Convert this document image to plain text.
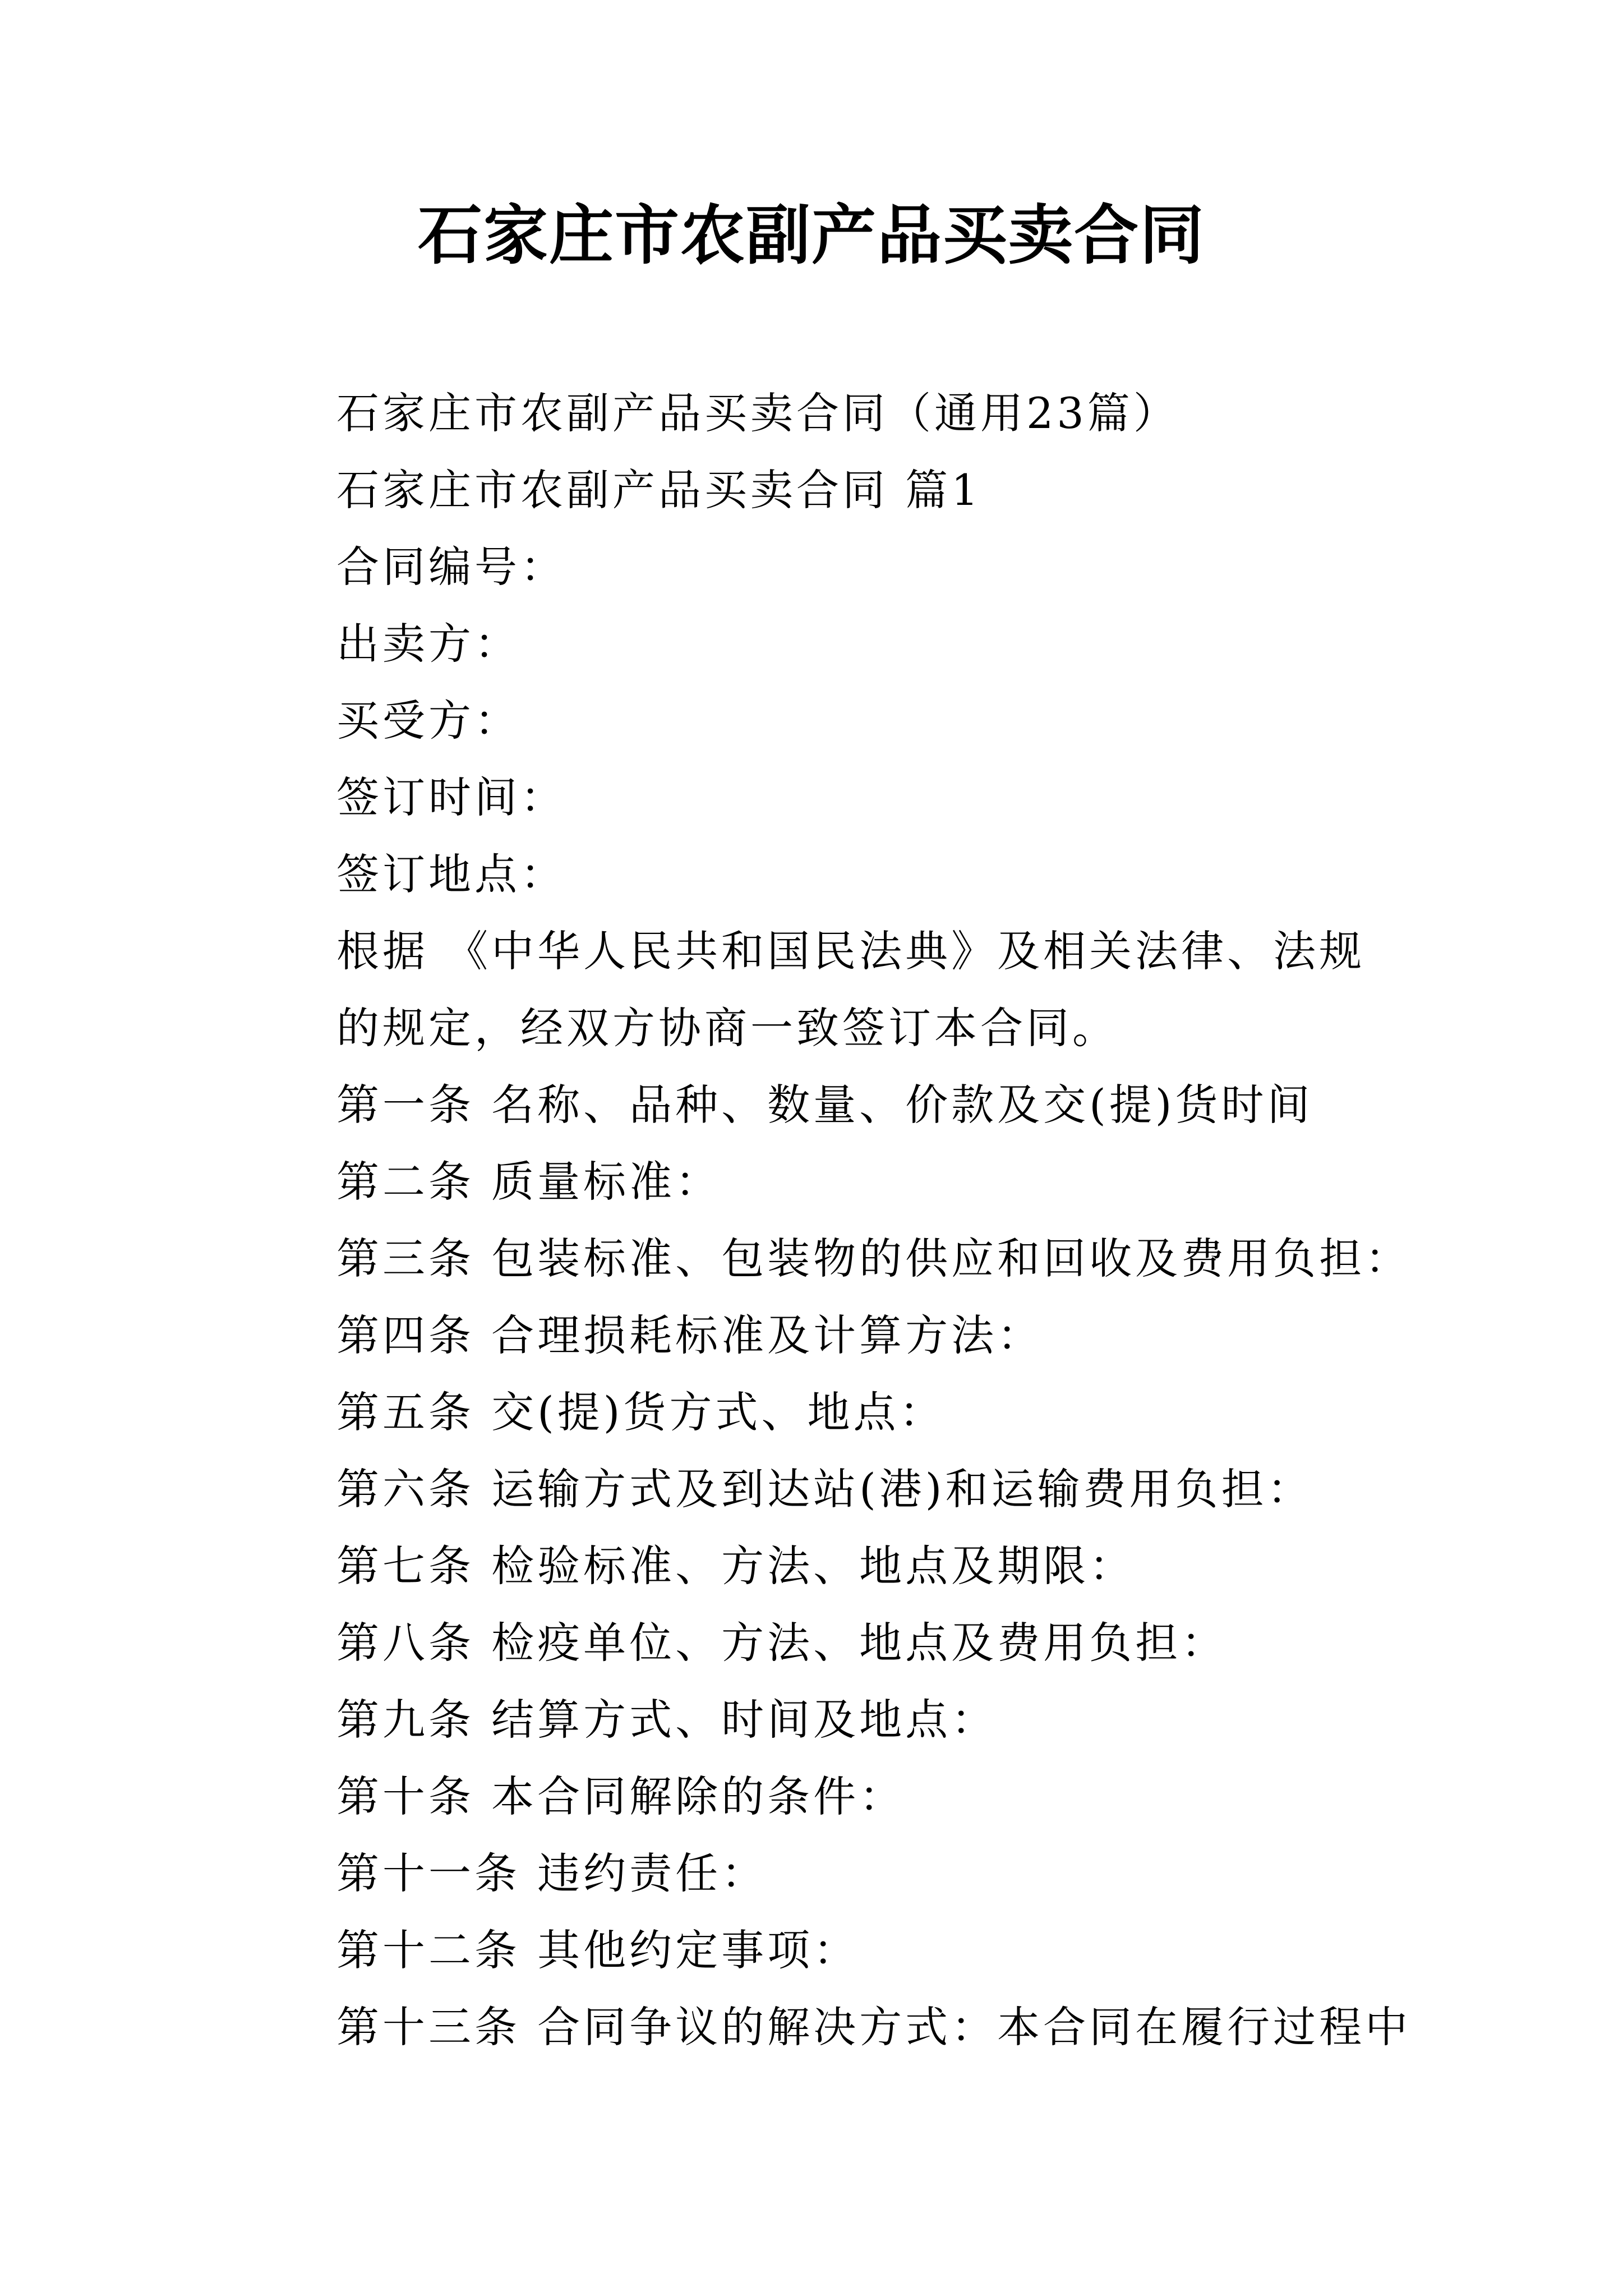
石家庄市农副产品买卖合同
石家庄市农副产品买卖合同（通用23篇）
石家庄市农副产品买卖合同 篇1
合同编号：
出卖方：
买受方：
签订时间：
签订地点：
根据 《中华人民共和国民法典》及相关法律、法规
的规定，经双方协商一致签订本合同。
第一条 名称、品种、数量、价款及交(提)货时间
第二条 质量标准：
第三条 包装标准、包装物的供应和回收及费用负担：
第四条 合理损耗标准及计算方法：
第五条 交(提)货方式、地点：
第六条 运输方式及到达站(港)和运输费用负担：
第七条 检验标准、方法、地点及期限：
第八条 检疫单位、方法、地点及费用负担：
第九条 结算方式、时间及地点：
第十条 本合同解除的条件：
第十一条 违约责任：
第十二条 其他约定事项：
第十三条 合同争议的解决方式：本合同在履行过程中
